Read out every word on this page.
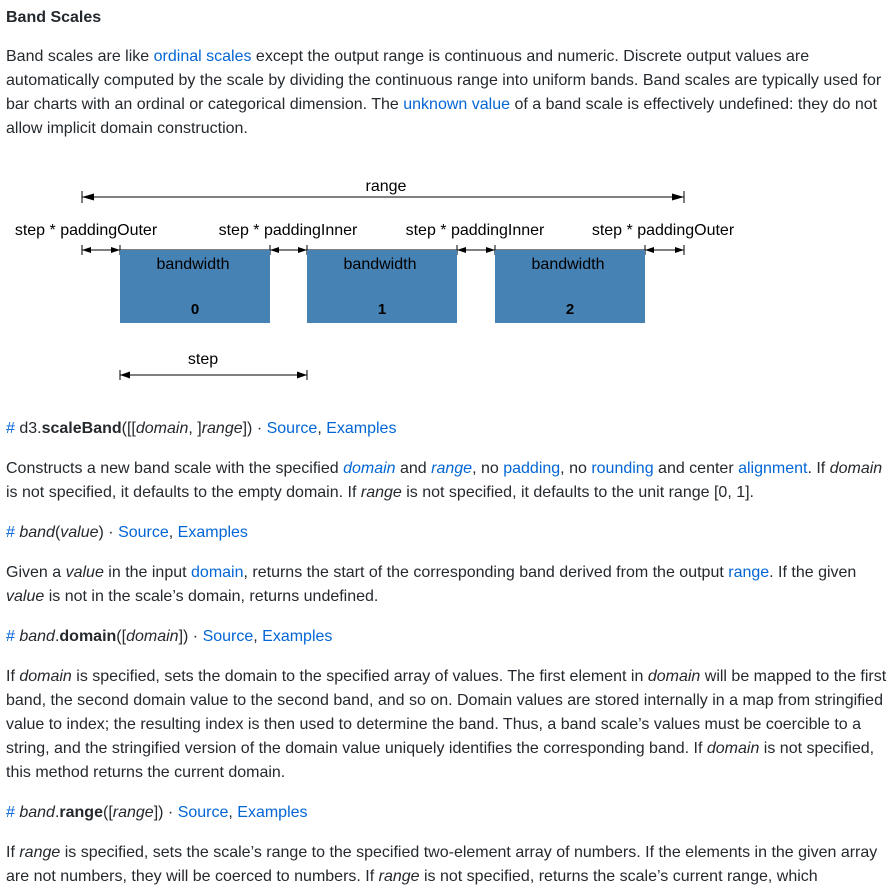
Band Scales

Band scales are like ordinal scales except the output range is continuous and numeric. Discrete output values are automatically computed by the scale by dividing the continuous range into uniform bands. Band scales are typically used for bar charts with an ordinal or categorical dimension. The unknown value of a band scale is effectively undefined: they do not allow implicit domain construction.

range
step * paddingOuter	step * paddingInner	step * paddingInner	step * paddingOuter
bandwidth	bandwidth	bandwidth
0	1	2
step

# d3.scaleBand([[domain, ]range]) · Source, Examples

Constructs a new band scale with the specified domain and range, no padding, no rounding and center alignment. If domain is not specified, it defaults to the empty domain. If range is not specified, it defaults to the unit range [0, 1].

# band(value) · Source, Examples

Given a value in the input domain, returns the start of the corresponding band derived from the output range. If the given value is not in the scale’s domain, returns undefined.

# band.domain([domain]) · Source, Examples

If domain is specified, sets the domain to the specified array of values. The first element in domain will be mapped to the first band, the second domain value to the second band, and so on. Domain values are stored internally in a map from stringified value to index; the resulting index is then used to determine the band. Thus, a band scale’s values must be coercible to a string, and the stringified version of the domain value uniquely identifies the corresponding band. If domain is not specified, this method returns the current domain.

# band.range([range]) · Source, Examples

If range is specified, sets the scale’s range to the specified two-element array of numbers. If the elements in the given array are not numbers, they will be coerced to numbers. If range is not specified, returns the scale’s current range, which
